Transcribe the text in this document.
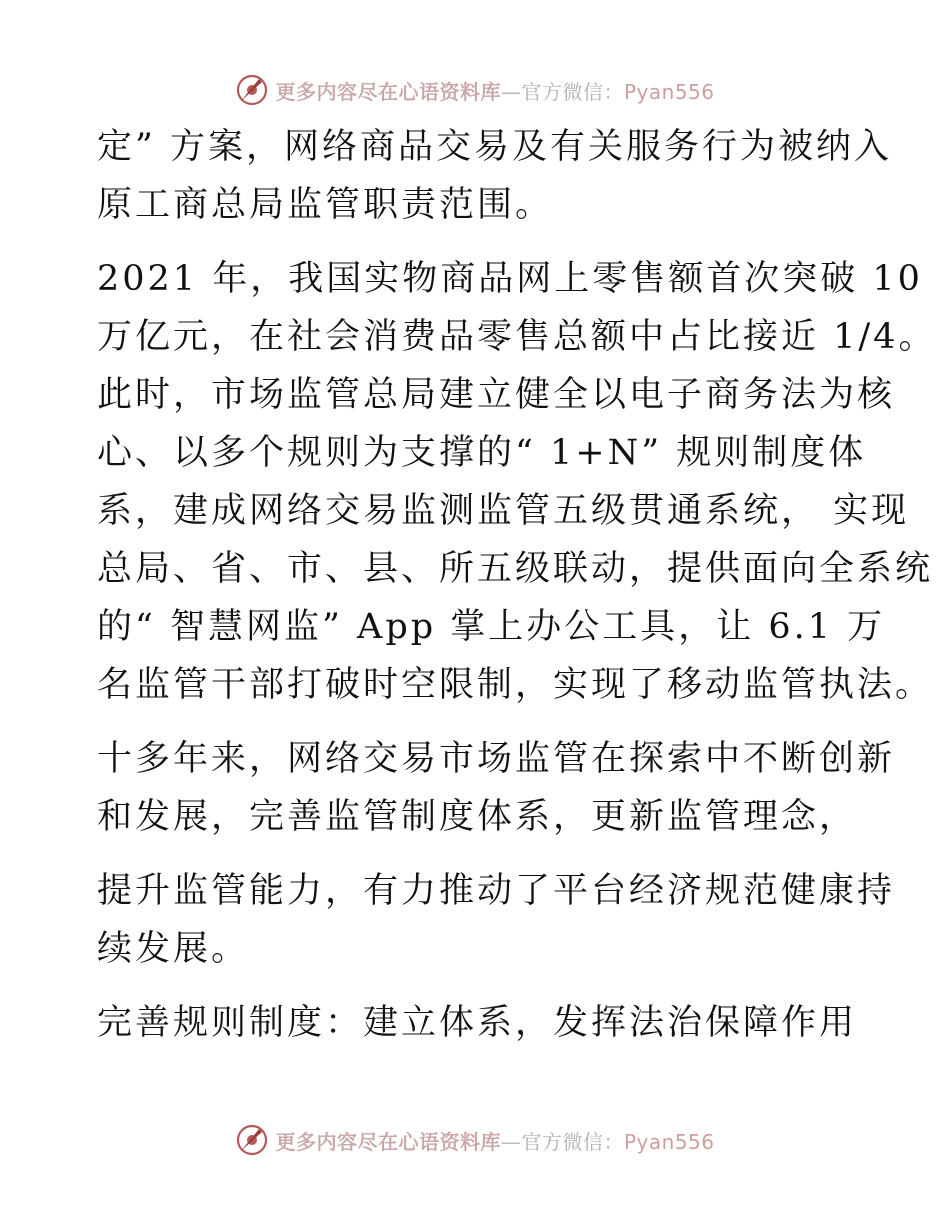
更多内容尽在心语资料库—官方微信：Pyan556
定” 方案，网络商品交易及有关服务行为被纳入
原工商总局监管职责范围。
2021 年，我国实物商品网上零售额首次突破 10
万亿元，在社会消费品零售总额中占比接近 1/4。
此时，市场监管总局建立健全以电子商务法为核
心、以多个规则为支撑的“ 1+N” 规则制度体
系，建成网络交易监测监管五级贯通系统， 实现
总局、省、市、县、所五级联动，提供面向全系统
的“ 智慧网监” App 掌上办公工具，让 6.1 万
名监管干部打破时空限制，实现了移动监管执法。
十多年来，网络交易市场监管在探索中不断创新
和发展，完善监管制度体系，更新监管理念，
提升监管能力，有力推动了平台经济规范健康持
续发展。
完善规则制度：建立体系，发挥法治保障作用
更多内容尽在心语资料库—官方微信：Pyan556
